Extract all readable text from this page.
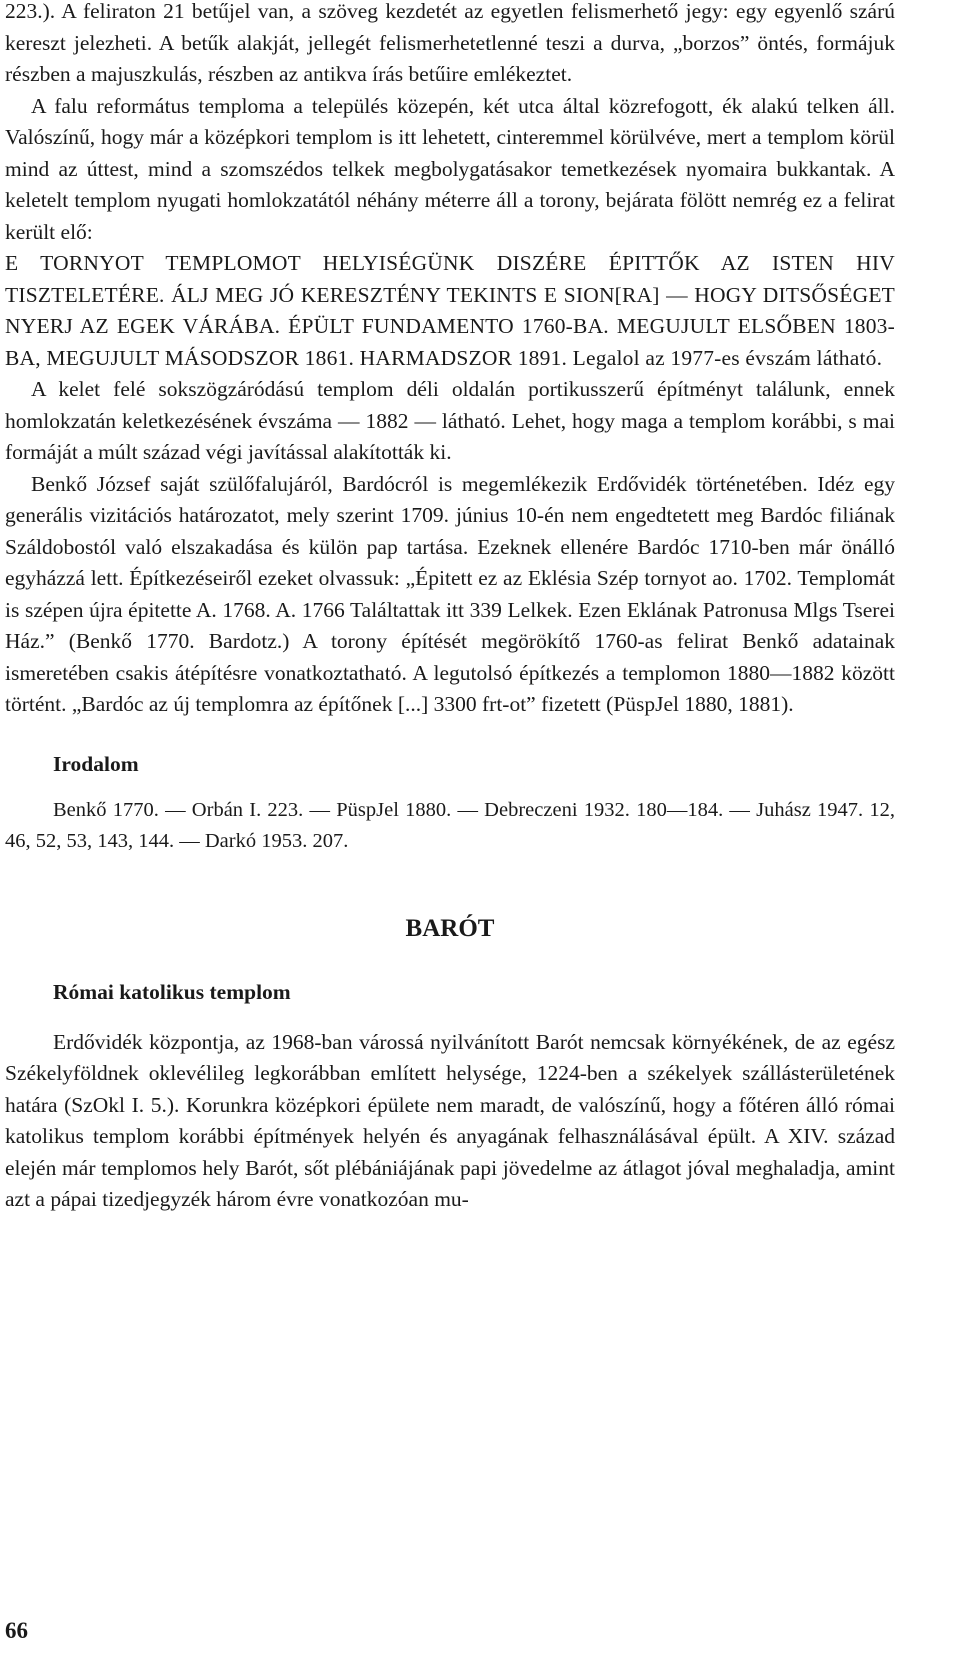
223.). A feliraton 21 betűjel van, a szöveg kezdetét az egyetlen felismerhető jegy: egy egyenlő szárú kereszt jelezheti. A betűk alakját, jellegét felismerhetetlenné teszi a durva, „borzos” öntés, formájuk részben a majuszkulás, részben az antikva írás betűire emlékeztet.

A falu református temploma a település közepén, két utca által közrefogott, ék alakú telken áll. Valószínű, hogy már a középkori templom is itt lehetett, cinteremmel körülvéve, mert a templom körül mind az úttest, mind a szomszédos telkek megbolygatásakor temetkezések nyomaira bukkantak. A keletelt templom nyugati homlokzatától néhány méterre áll a torony, bejárata fölött nemrég ez a felirat került elő:

E TORNYOT TEMPLOMOT HELYISÉGÜNK DISZÉRE ÉPITTŐK AZ ISTEN HIV TISZTELETÉRE. ÁLJ MEG JÓ KERESZTÉNY TEKINTS E SION[RA] — HOGY DITSŐSÉGET NYERJ AZ EGEK VÁRÁBA. ÉPÜLT FUNDAMENTO 1760-BA. MEGUJULT ELSŐBEN 1803-BA, MEGUJULT MÁSODSZOR 1861. HARMADSZOR 1891. Legalol az 1977-es évszám látható.

A kelet felé sokszögzáródású templom déli oldalán portikusszerű építményt találunk, ennek homlokzatán keletkezésének évszáma — 1882 — látható. Lehet, hogy maga a templom korábbi, s mai formáját a múlt század végi javítással alakították ki.

Benkő József saját szülőfalujáról, Bardócról is megemlékezik Erdővidék történetében. Idéz egy generális vizitációs határozatot, mely szerint 1709. június 10-én nem engedtetett meg Bardóc filiának Száldobostól való elszakadása és külön pap tartása. Ezeknek ellenére Bardóc 1710-ben már önálló egyházzá lett. Építkezéseiről ezeket olvassuk: „Épitett ez az Eklésia Szép tornyot ao. 1702. Templomát is szépen újra épitette A. 1768. A. 1766 Találtattak itt 339 Lelkek. Ezen Eklának Patronusa Mlgs Tserei Ház.” (Benkő 1770. Bardotz.) A torony építését megörökítő 1760-as felirat Benkő adatainak ismeretében csakis átépítésre vonatkoztatható. A legutolsó építkezés a templomon 1880—1882 között történt. „Bardóc az új templomra az építőnek [...] 3300 frt-ot” fizetett (PüspJel 1880, 1881).

Irodalom

Benkő 1770. — Orbán I. 223. — PüspJel 1880. — Debreczeni 1932. 180—184. — Juhász 1947. 12, 46, 52, 53, 143, 144. — Darkó 1953. 207.

BARÓT

Római katolikus templom

Erdővidék központja, az 1968-ban várossá nyilvánított Barót nemcsak környékének, de az egész Székelyföldnek oklevélileg legkorábban említett helysége, 1224-ben a székelyek szállásterületének határa (SzOkl I. 5.). Korunkra középkori épülete nem maradt, de valószínű, hogy a főtéren álló római katolikus templom korábbi építmények helyén és anyagának felhasználásával épült. A XIV. század elején már templomos hely Barót, sőt plébániájának papi jövedelme az átlagot jóval meghaladja, amint azt a pápai tizedjegyzék három évre vonatkozóan mu-

66
